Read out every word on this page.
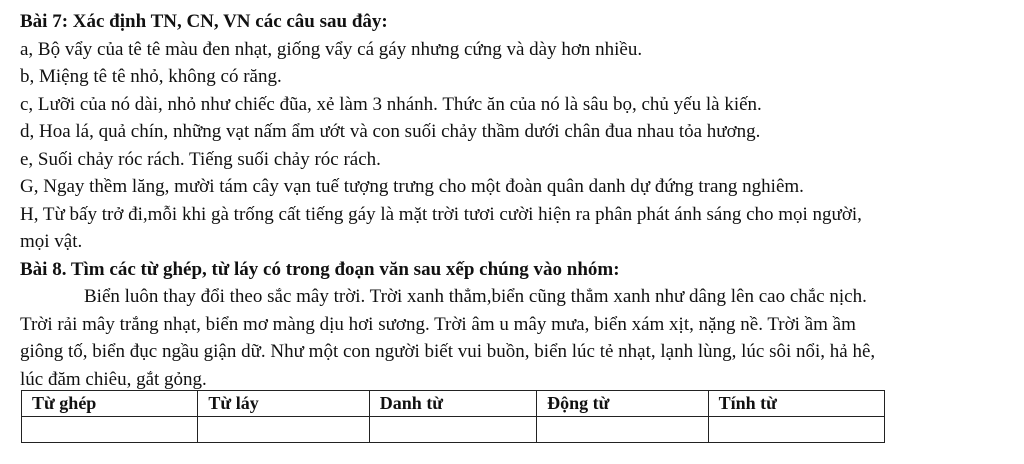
Bài 7: Xác định TN, CN, VN các câu sau đây:
a, Bộ vẩy của tê tê màu đen nhạt, giống vẩy cá gáy nhưng cứng và dày hơn nhiều.
b, Miệng tê tê nhỏ, không có răng.
c, Lưỡi của nó dài, nhỏ như chiếc đũa, xẻ làm 3 nhánh. Thức ăn của nó là sâu bọ, chủ yếu là kiến.
d, Hoa lá, quả chín, những vạt nấm ẩm ướt và con suối chảy thầm dưới chân đua nhau tỏa hương.
e, Suối chảy róc rách. Tiếng suối chảy róc rách.
G, Ngay thềm lăng, mười tám cây vạn tuế tượng trưng cho một đoàn quân danh dự đứng trang nghiêm.
H, Từ bấy trở đi,mỗi khi gà trống cất tiếng gáy là mặt trời tươi cười hiện ra phân phát ánh sáng cho mọi người,
mọi vật.
Bài 8. Tìm các từ ghép, từ láy có trong đoạn văn sau xếp chúng vào nhóm:
Biển luôn thay đổi theo sắc mây trời. Trời xanh thẳm,biển cũng thẳm xanh như dâng lên cao chắc nịch.
Trời rải mây trắng nhạt, biển mơ màng dịu hơi sương. Trời âm u mây mưa, biển xám xịt, nặng nề. Trời ầm ầm
giông tố, biển đục ngầu giận dữ. Như một con người biết vui buồn, biển lúc tẻ nhạt, lạnh lùng, lúc sôi nổi, hả hê,
lúc đăm chiêu, gắt gỏng.
Từ ghép	Từ láy	Danh từ	Động từ	Tính từ
